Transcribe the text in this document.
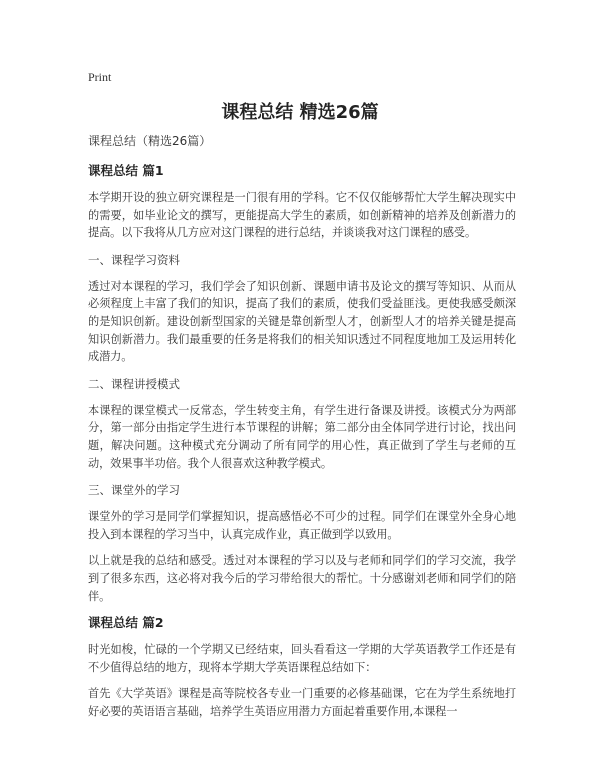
Print
课程总结 精选26篇
课程总结（精选26篇）
课程总结 篇1
本学期开设的独立研究课程是一门很有用的学科。它不仅仅能够帮忙大学生解决现实中的需要，如毕业论文的撰写，更能提高大学生的素质，如创新精神的培养及创新潜力的提高。以下我将从几方应对这门课程的进行总结，并谈谈我对这门课程的感受。
一、课程学习资料
透过对本课程的学习，我们学会了知识创新、课题申请书及论文的撰写等知识、从而从必须程度上丰富了我们的知识，提高了我们的素质，使我们受益匪浅。更使我感受颇深的是知识创新。建设创新型国家的关键是靠创新型人才，创新型人才的培养关键是提高知识创新潜力。我们最重要的任务是将我们的相关知识透过不同程度地加工及运用转化成潜力。
二、课程讲授模式
本课程的课堂模式一反常态，学生转变主角，有学生进行备课及讲授。该模式分为两部分，第一部分由指定学生进行本节课程的讲解；第二部分由全体同学进行讨论，找出问题，解决问题。这种模式充分调动了所有同学的用心性，真正做到了学生与老师的互动，效果事半功倍。我个人很喜欢这种教学模式。
三、课堂外的学习
课堂外的学习是同学们掌握知识，提高感悟必不可少的过程。同学们在课堂外全身心地投入到本课程的学习当中，认真完成作业，真正做到学以致用。
以上就是我的总结和感受。透过对本课程的学习以及与老师和同学们的学习交流，我学到了很多东西，这必将对我今后的学习带给很大的帮忙。十分感谢刘老师和同学们的陪伴。
课程总结 篇2
时光如梭，忙碌的一个学期又已经结束，回头看看这一学期的大学英语教学工作还是有不少值得总结的地方，现将本学期大学英语课程总结如下：
首先《大学英语》课程是高等院校各专业一门重要的必修基础课，它在为学生系统地打好必要的英语语言基础，培养学生英语应用潜力方面起着重要作用,本课程一
